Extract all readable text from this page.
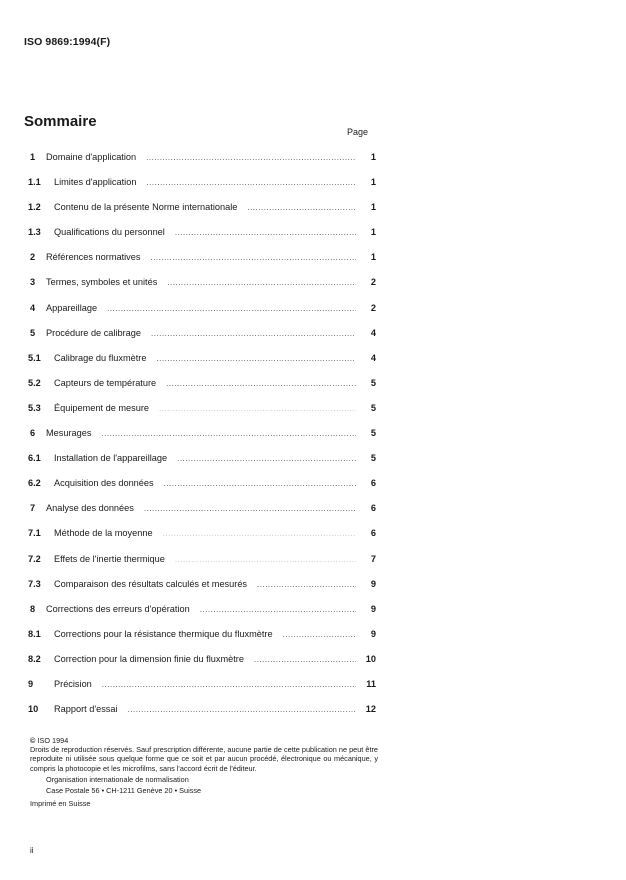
ISO 9869:1994(F)
Sommaire
Page
1	Domaine d'application .....	1
1.1	Limites d'application .....	1
1.2	Contenu de la présente Norme internationale .....	1
1.3	Qualifications du personnel .....	1
2	Références normatives .....	1
3	Termes, symboles et unités .....	2
4	Appareillage .....	2
5	Procédure de calibrage .....	4
5.1	Calibrage du fluxmètre .....	4
5.2	Capteurs de température .....	5
5.3	Équipement de mesure .....	5
6	Mesurages .....	5
6.1	Installation de l'appareillage .....	5
6.2	Acquisition des données .....	6
7	Analyse des données .....	6
7.1	Méthode de la moyenne .....	6
7.2	Effets de l'inertie thermique .....	7
7.3	Comparaison des résultats calculés et mesurés .....	9
8	Corrections des erreurs d'opération .....	9
8.1	Corrections pour la résistance thermique du fluxmètre .....	9
8.2	Correction pour la dimension finie du fluxmètre .....	10
9	Précision .....	11
10	Rapport d'essai .....	12
© ISO 1994
Droits de reproduction réservés. Sauf prescription différente, aucune partie de cette publication ne peut être reproduite ni utilisée sous quelque forme que ce soit et par aucun procédé, électronique ou mécanique, y compris la photocopie et les microfilms, sans l'accord écrit de l'éditeur.
Organisation internationale de normalisation
Case Postale 56 • CH-1211 Genève 20 • Suisse
Imprimé en Suisse
ii
